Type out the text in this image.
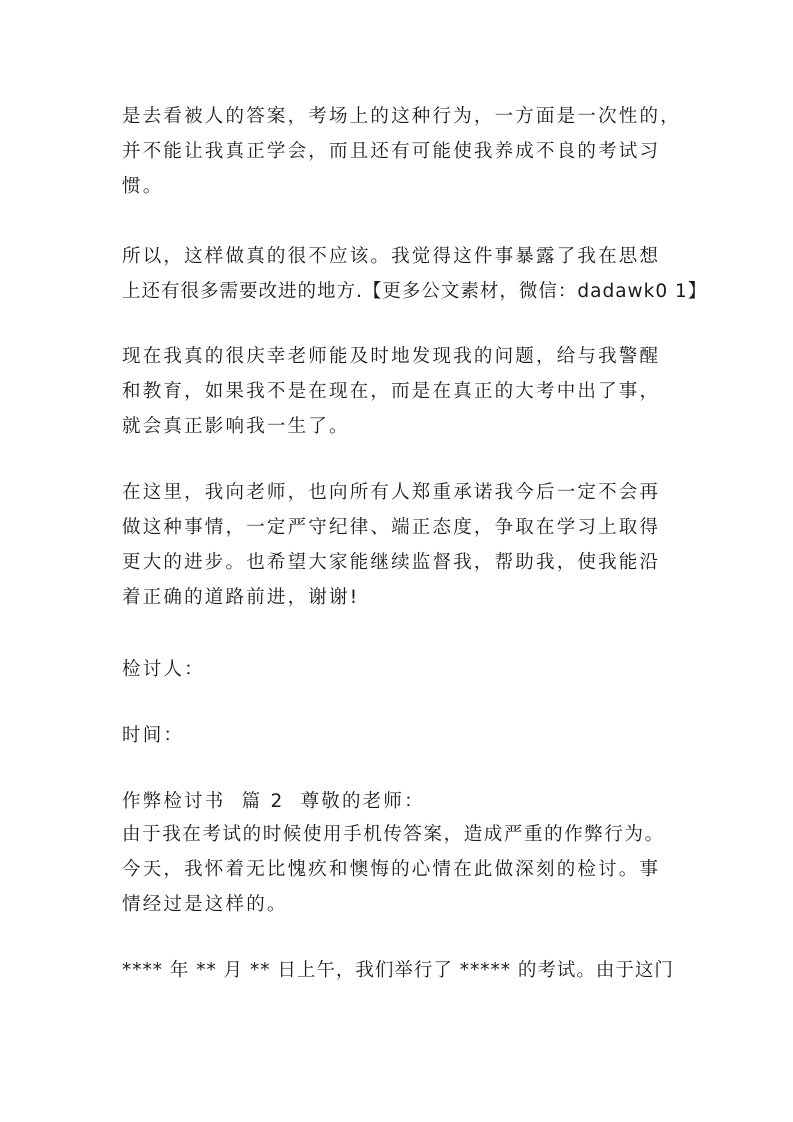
是去看被人的答案，考场上的这种行为，一方面是一次性的，
并不能让我真正学会，而且还有可能使我养成不良的考试习
惯。
所以，这样做真的很不应该。我觉得这件事暴露了我在思想
上还有很多需要改进的地方.【更多公文素材，微信：dadawk0 1】
现在我真的很庆幸老师能及时地发现我的问题，给与我警醒
和教育，如果我不是在现在，而是在真正的大考中出了事，
就会真正影响我一生了。
在这里，我向老师，也向所有人郑重承诺我今后一定不会再
做这种事情，一定严守纪律、端正态度，争取在学习上取得
更大的进步。也希望大家能继续监督我，帮助我，使我能沿
着正确的道路前进，谢谢!
检讨人：
时间：
作弊检讨书  篇 2  尊敬的老师：
由于我在考试的时候使用手机传答案，造成严重的作弊行为。
今天，我怀着无比愧疚和懊悔的心情在此做深刻的检讨。事
情经过是这样的。
**** 年 ** 月 ** 日上午，我们举行了 ***** 的考试。由于这门
